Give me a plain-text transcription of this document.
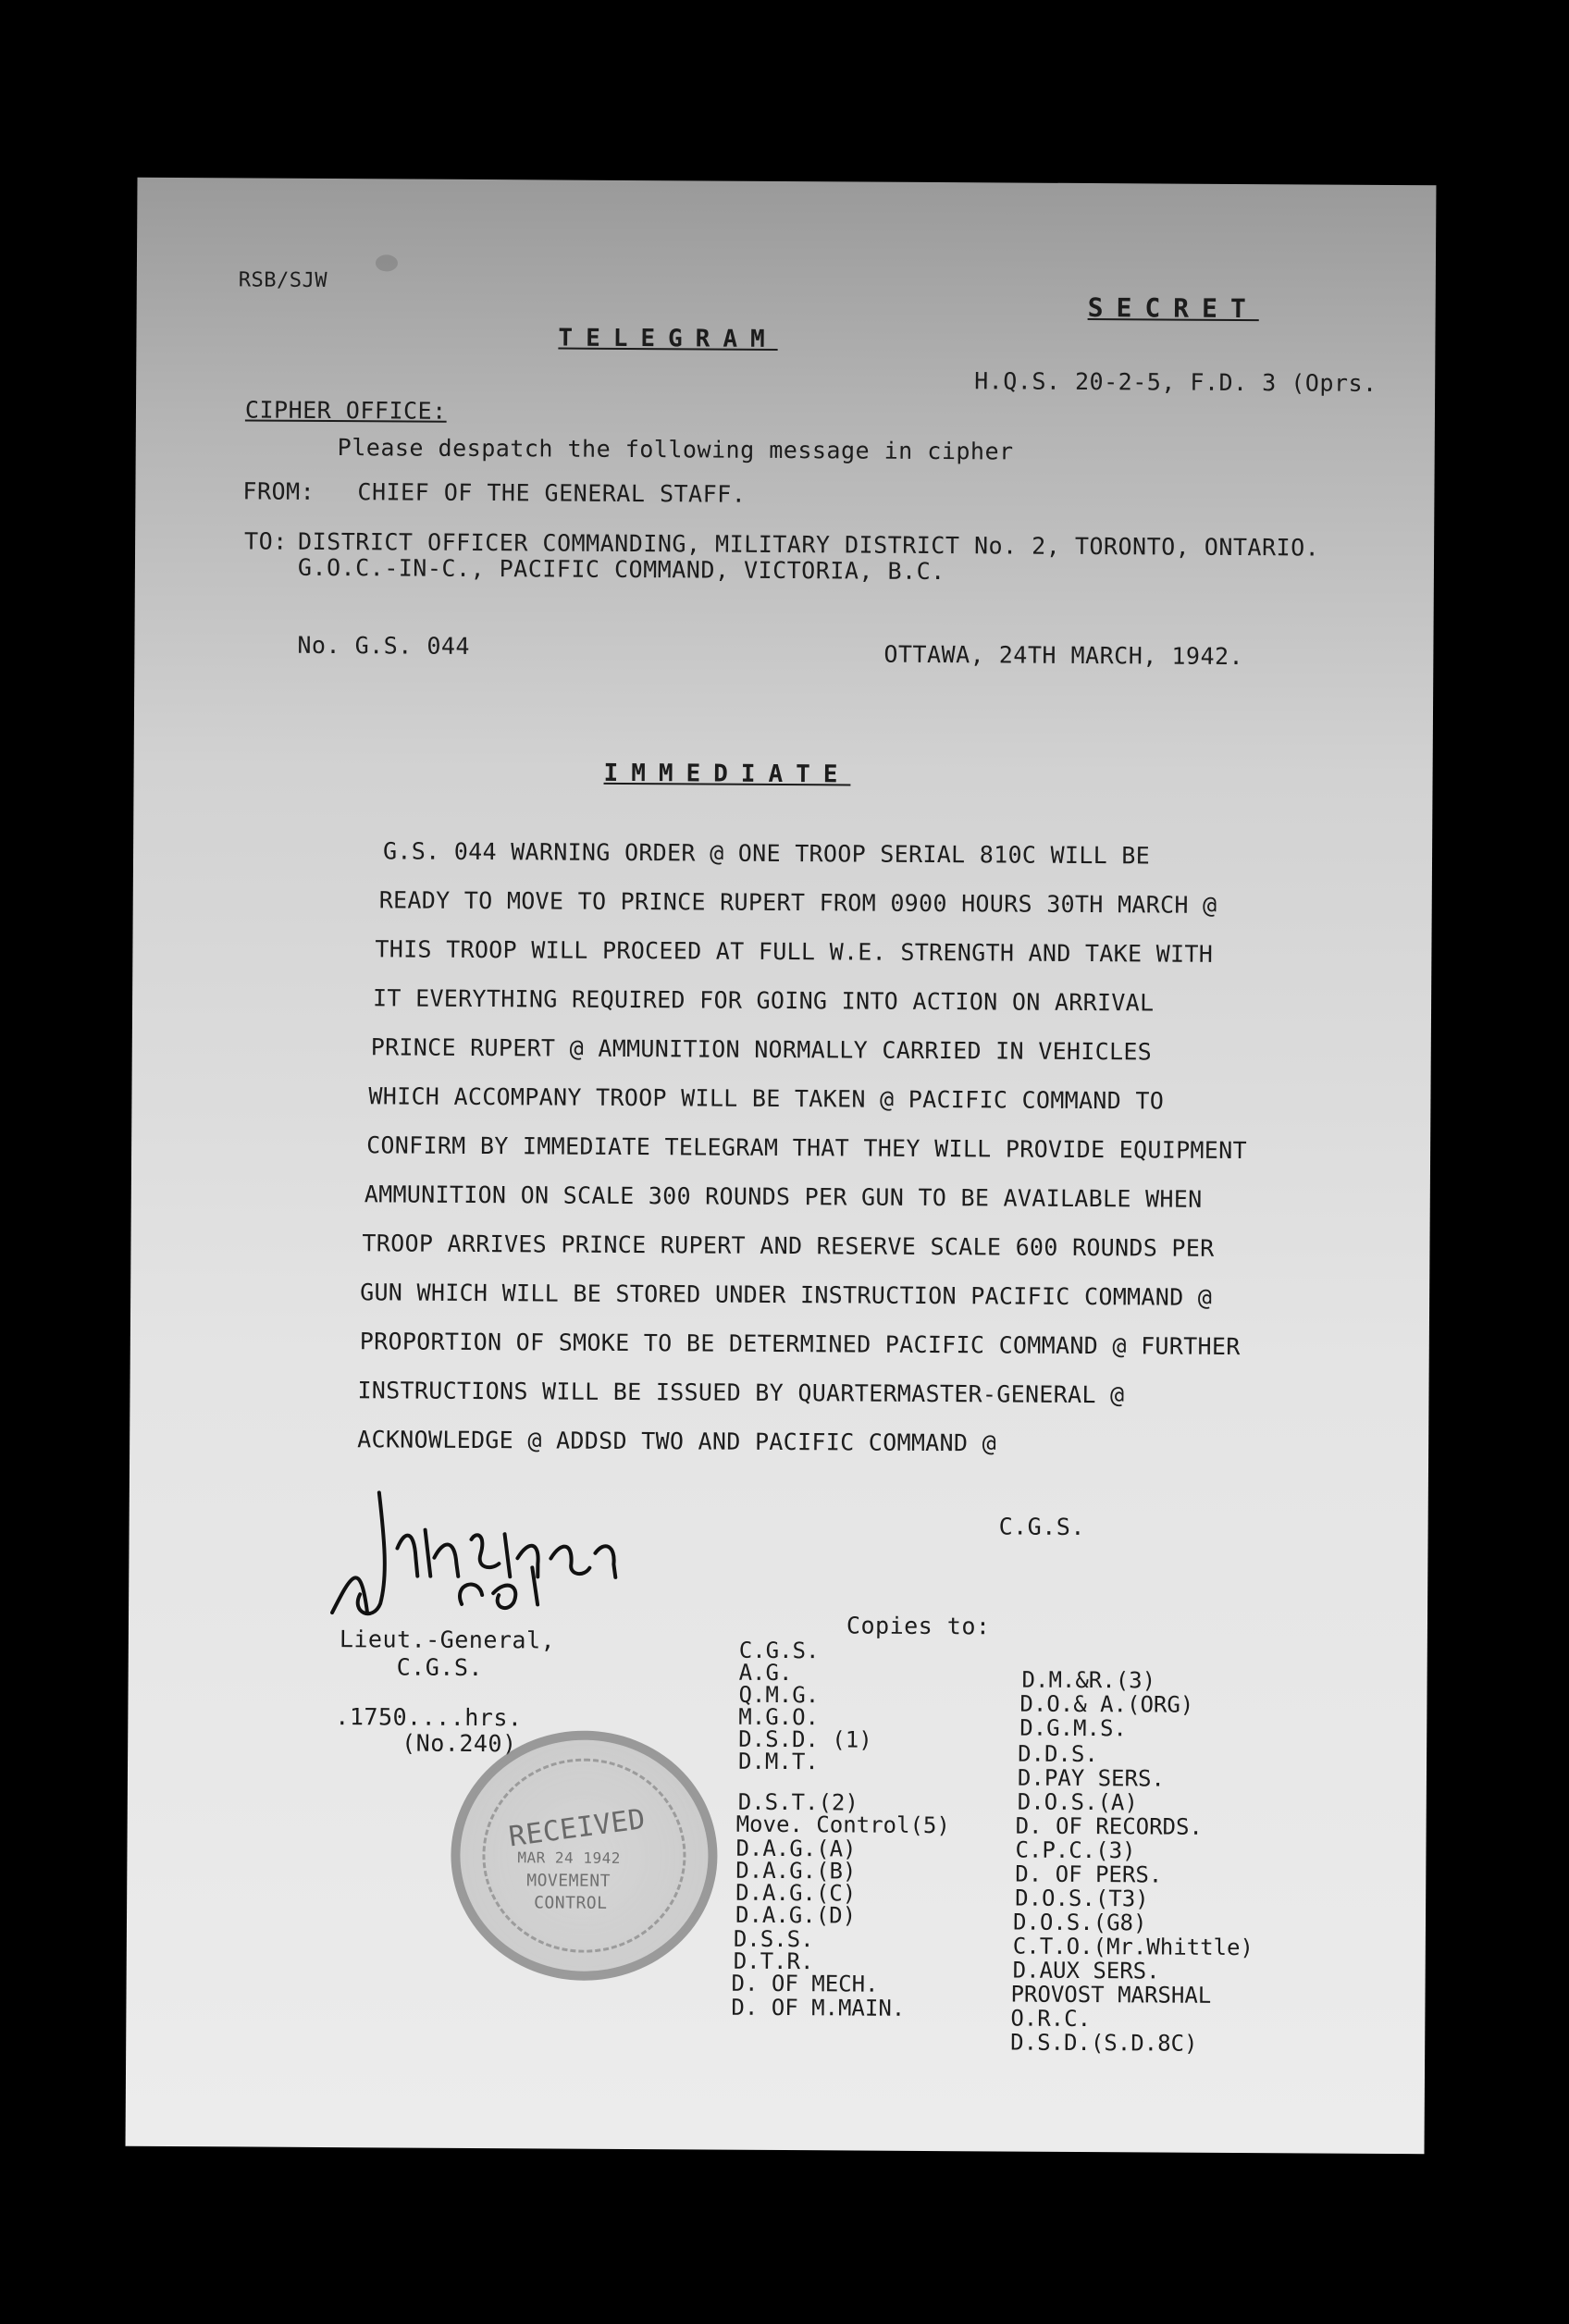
RSB/SJW
SECRET
TELEGRAM
H.Q.S. 20-2-5, F.D. 3 (Oprs.
CIPHER OFFICE:
Please despatch the following message in cipher
FROM: CHIEF OF THE GENERAL STAFF.
TO: DISTRICT OFFICER COMMANDING, MILITARY DISTRICT No. 2, TORONTO, ONTARIO.
G.O.C.-IN-C., PACIFIC COMMAND, VICTORIA, B.C.
No. G.S. 044	OTTAWA, 24TH MARCH, 1942.
IMMEDIATE
G.S. 044 WARNING ORDER @ ONE TROOP SERIAL 810C WILL BE
READY TO MOVE TO PRINCE RUPERT FROM 0900 HOURS 30TH MARCH @
THIS TROOP WILL PROCEED AT FULL W.E. STRENGTH AND TAKE WITH
IT EVERYTHING REQUIRED FOR GOING INTO ACTION ON ARRIVAL
PRINCE RUPERT @ AMMUNITION NORMALLY CARRIED IN VEHICLES
WHICH ACCOMPANY TROOP WILL BE TAKEN @ PACIFIC COMMAND TO
CONFIRM BY IMMEDIATE TELEGRAM THAT THEY WILL PROVIDE EQUIPMENT
AMMUNITION ON SCALE 300 ROUNDS PER GUN TO BE AVAILABLE WHEN
TROOP ARRIVES PRINCE RUPERT AND RESERVE SCALE 600 ROUNDS PER
GUN WHICH WILL BE STORED UNDER INSTRUCTION PACIFIC COMMAND @
PROPORTION OF SMOKE TO BE DETERMINED PACIFIC COMMAND @ FURTHER
INSTRUCTIONS WILL BE ISSUED BY QUARTERMASTER-GENERAL @
ACKNOWLEDGE @ ADDSD TWO AND PACIFIC COMMAND @
C.G.S.
John Chyson Col
Lieut.-General,
C.G.S.
.1750....hrs.
(No.240)
RECEIVED
MAR 24 1942
MOVEMENT
CONTROL
Copies to:
C.G.S.
A.G.
Q.M.G.
M.G.O.
D.S.D. (1)
D.M.T.
D.S.T.(2)
Move. Control(5)
D.A.G.(A)
D.A.G.(B)
D.A.G.(C)
D.A.G.(D)
D.S.S.
D.T.R.
D. OF MECH.
D. OF M.MAIN.
D.M.&R.(3)
D.O.& A.(ORG)
D.G.M.S.
D.D.S.
D.PAY SERS.
D.O.S.(A)
D. OF RECORDS.
C.P.C.(3)
D. OF PERS.
D.O.S.(T3)
D.O.S.(G8)
C.T.O.(Mr.Whittle)
D.AUX SERS.
PROVOST MARSHAL
O.R.C.
D.S.D.(S.D.8C)
